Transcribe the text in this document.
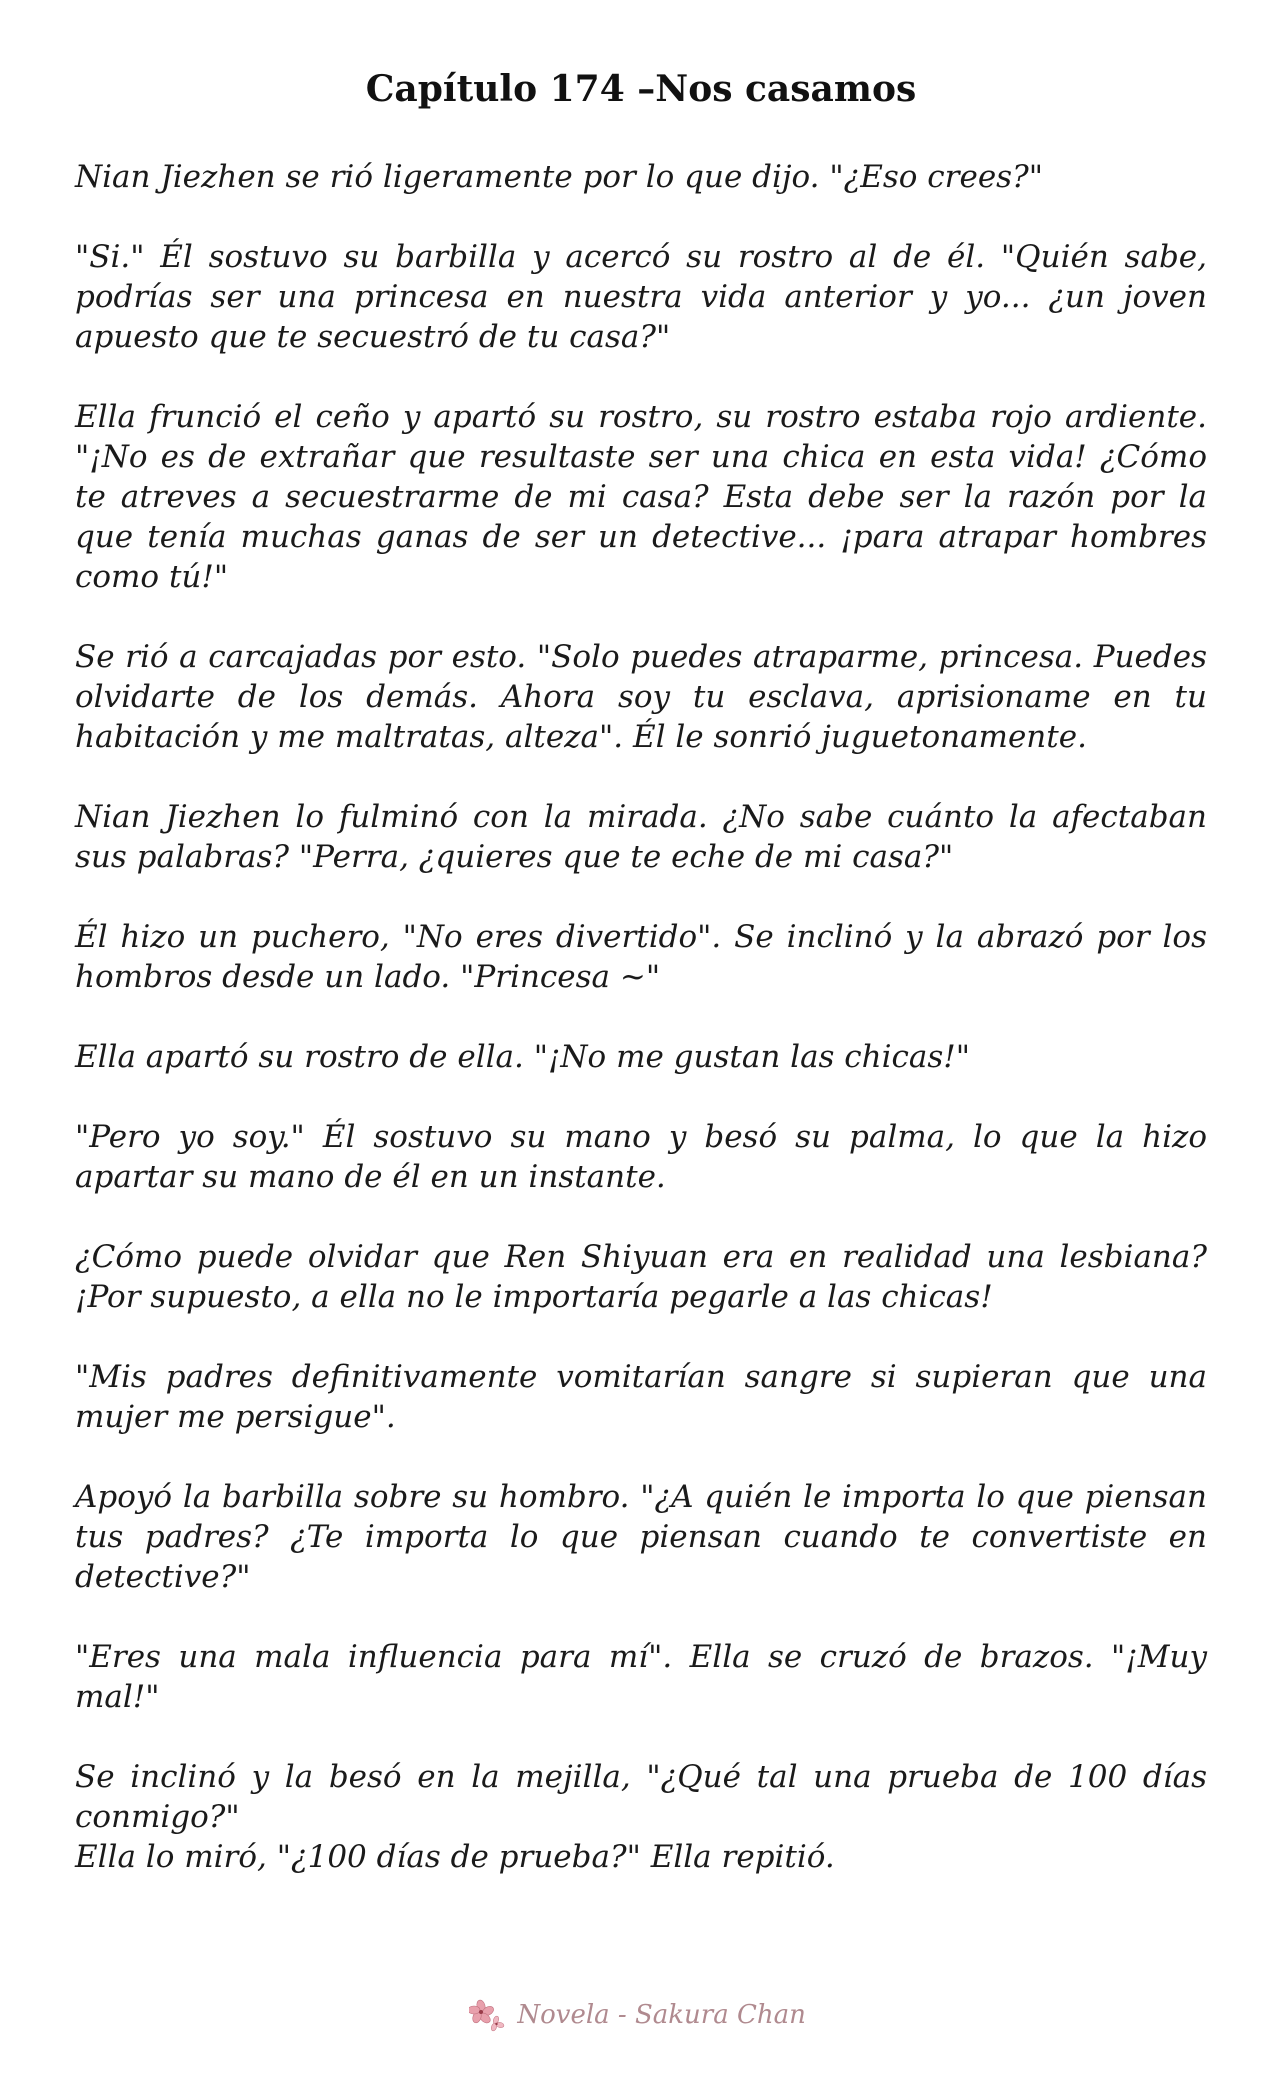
Capítulo 174 –Nos casamos

Nian Jiezhen se rió ligeramente por lo que dijo. "¿Eso crees?"

"Si." Él sostuvo su barbilla y acercó su rostro al de él. "Quién sabe, podrías ser una princesa en nuestra vida anterior y yo... ¿un joven apuesto que te secuestró de tu casa?"

Ella frunció el ceño y apartó su rostro, su rostro estaba rojo ardiente. "¡No es de extrañar que resultaste ser una chica en esta vida! ¿Cómo te atreves a secuestrarme de mi casa? Esta debe ser la razón por la que tenía muchas ganas de ser un detective... ¡para atrapar hombres como tú!"

Se rió a carcajadas por esto. "Solo puedes atraparme, princesa. Puedes olvidarte de los demás. Ahora soy tu esclava, aprisioname en tu habitación y me maltratas, alteza". Él le sonrió juguetonamente.

Nian Jiezhen lo fulminó con la mirada. ¿No sabe cuánto la afectaban sus palabras? "Perra, ¿quieres que te eche de mi casa?"

Él hizo un puchero, "No eres divertido". Se inclinó y la abrazó por los hombros desde un lado. "Princesa ~"

Ella apartó su rostro de ella. "¡No me gustan las chicas!"

"Pero yo soy." Él sostuvo su mano y besó su palma, lo que la hizo apartar su mano de él en un instante.

¿Cómo puede olvidar que Ren Shiyuan era en realidad una lesbiana? ¡Por supuesto, a ella no le importaría pegarle a las chicas!

"Mis padres definitivamente vomitarían sangre si supieran que una mujer me persigue".

Apoyó la barbilla sobre su hombro. "¿A quién le importa lo que piensan tus padres? ¿Te importa lo que piensan cuando te convertiste en detective?"

"Eres una mala influencia para mí". Ella se cruzó de brazos. "¡Muy mal!"

Se inclinó y la besó en la mejilla, "¿Qué tal una prueba de 100 días conmigo?"

Ella lo miró, "¿100 días de prueba?" Ella repitió.

Novela - Sakura Chan
